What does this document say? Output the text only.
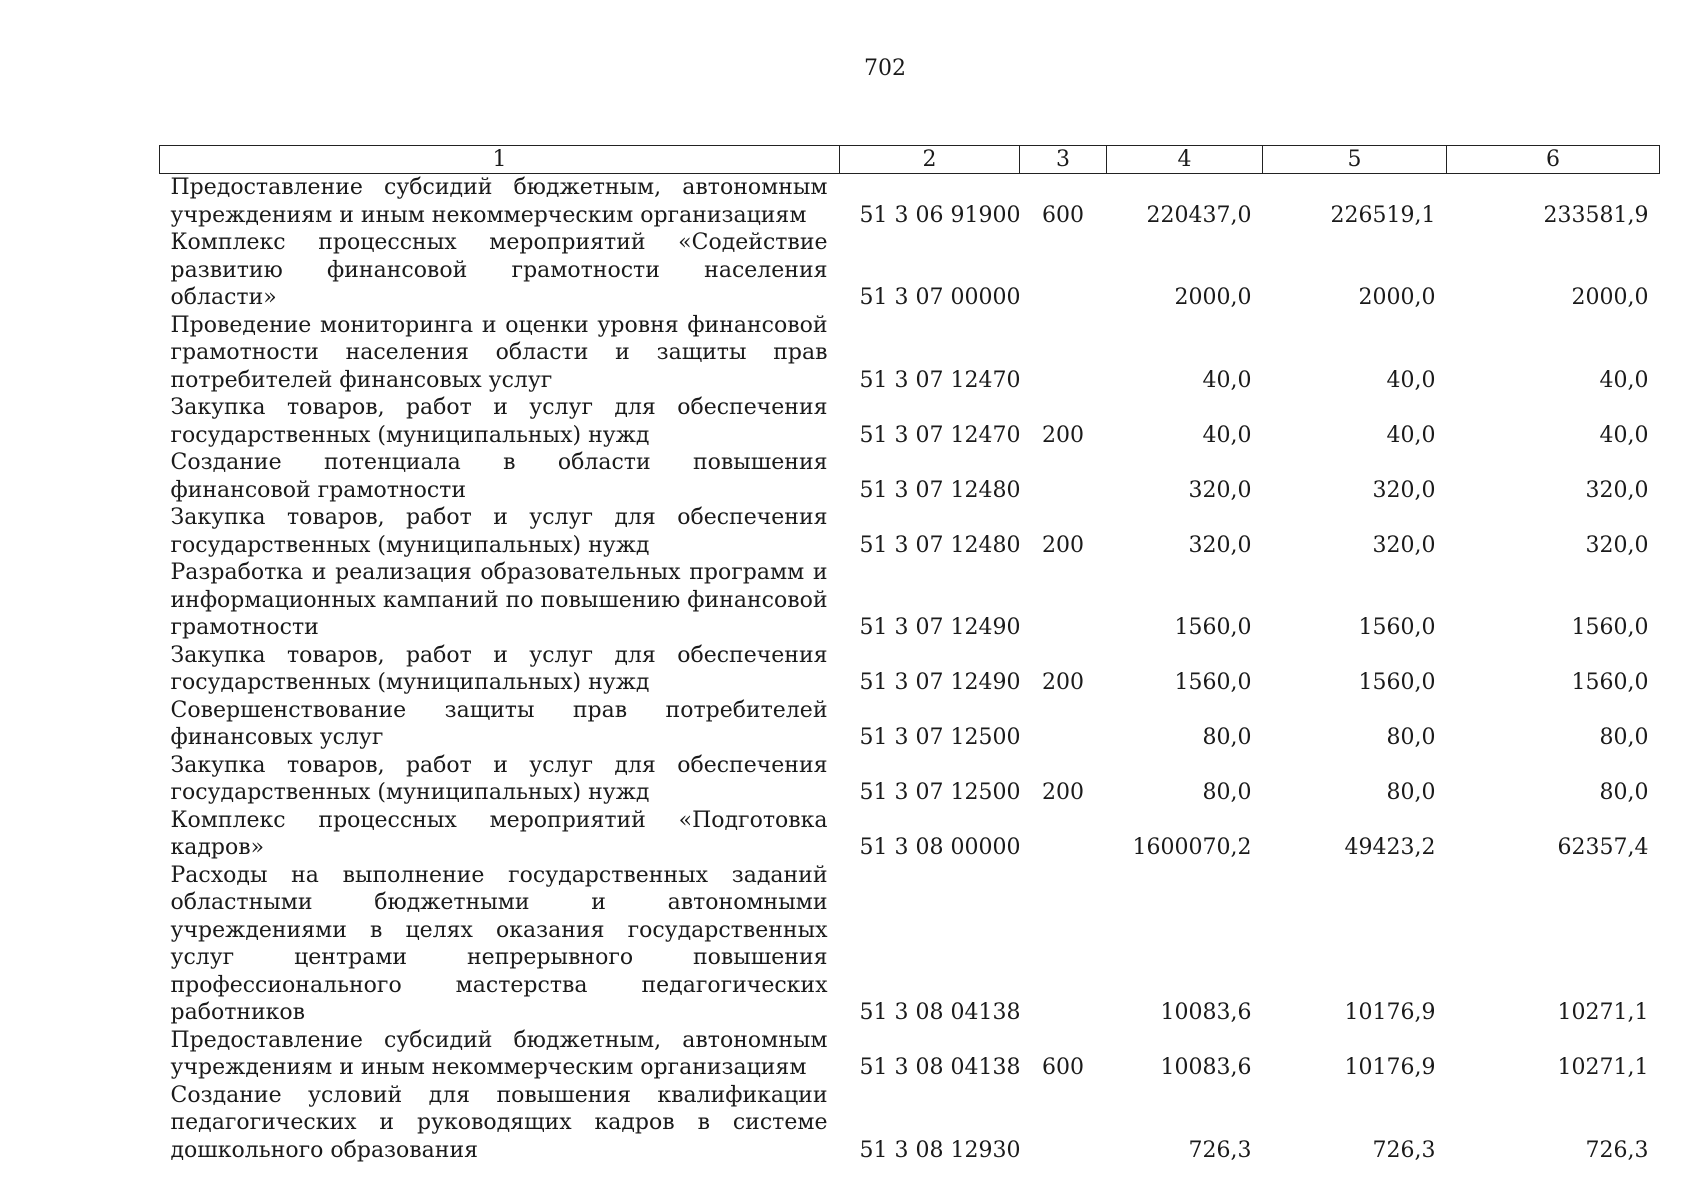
702
1	2	3	4	5	6
Предоставление субсидий бюджетным, автономным учреждениям и иным некоммерческим организациям	51 3 06 91900	600	220437,0	226519,1	233581,9
Комплекс процессных мероприятий «Содействие развитию финансовой грамотности населения области»	51 3 07 00000		2000,0	2000,0	2000,0
Проведение мониторинга и оценки уровня финансовой грамотности населения области и защиты прав потребителей финансовых услуг	51 3 07 12470		40,0	40,0	40,0
Закупка товаров, работ и услуг для обеспечения государственных (муниципальных) нужд	51 3 07 12470	200	40,0	40,0	40,0
Создание потенциала в области повышения финансовой грамотности	51 3 07 12480		320,0	320,0	320,0
Закупка товаров, работ и услуг для обеспечения государственных (муниципальных) нужд	51 3 07 12480	200	320,0	320,0	320,0
Разработка и реализация образовательных программ и информационных кампаний по повышению финансовой грамотности	51 3 07 12490		1560,0	1560,0	1560,0
Закупка товаров, работ и услуг для обеспечения государственных (муниципальных) нужд	51 3 07 12490	200	1560,0	1560,0	1560,0
Совершенствование защиты прав потребителей финансовых услуг	51 3 07 12500		80,0	80,0	80,0
Закупка товаров, работ и услуг для обеспечения государственных (муниципальных) нужд	51 3 07 12500	200	80,0	80,0	80,0
Комплекс процессных мероприятий «Подготовка кадров»	51 3 08 00000		1600070,2	49423,2	62357,4
Расходы на выполнение государственных заданий областными бюджетными и автономными учреждениями в целях оказания государственных услуг центрами непрерывного повышения профессионального мастерства педагогических работников	51 3 08 04138		10083,6	10176,9	10271,1
Предоставление субсидий бюджетным, автономным учреждениям и иным некоммерческим организациям	51 3 08 04138	600	10083,6	10176,9	10271,1
Создание условий для повышения квалификации педагогических и руководящих кадров в системе дошкольного образования	51 3 08 12930		726,3	726,3	726,3
